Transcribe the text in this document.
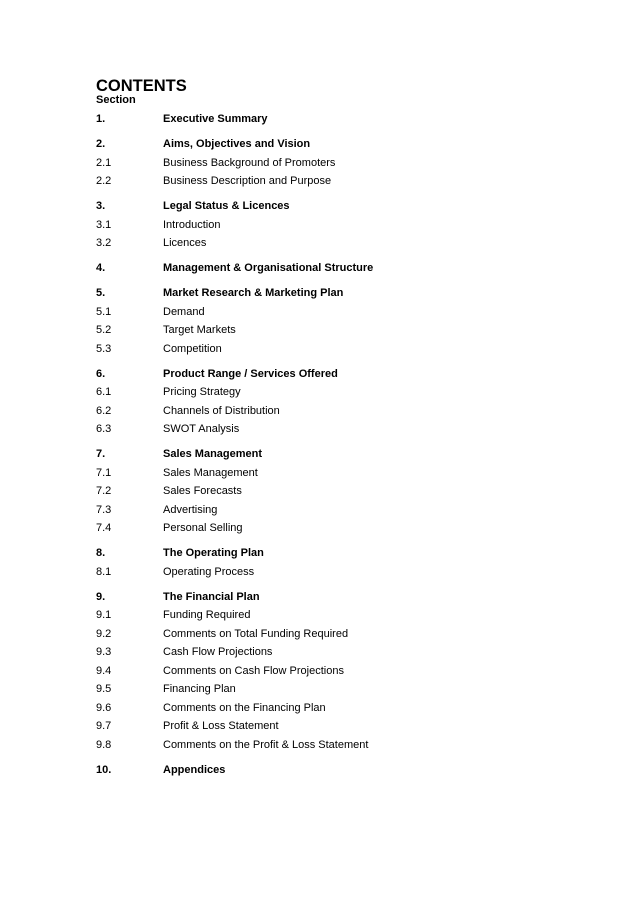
CONTENTS
Section
1.	Executive Summary
2.	Aims, Objectives and Vision
2.1	Business Background of Promoters
2.2	Business Description and Purpose
3.	Legal Status & Licences
3.1	Introduction
3.2	Licences
4.	Management & Organisational Structure
5.	Market Research & Marketing Plan
5.1	Demand
5.2	Target Markets
5.3	Competition
6.	Product Range / Services Offered
6.1	Pricing Strategy
6.2	Channels of Distribution
6.3	SWOT Analysis
7.	Sales Management
7.1	Sales Management
7.2	Sales Forecasts
7.3	Advertising
7.4	Personal Selling
8.	The Operating Plan
8.1	Operating Process
9.	The Financial Plan
9.1	Funding Required
9.2	Comments on Total Funding Required
9.3	Cash Flow Projections
9.4	Comments on Cash Flow Projections
9.5	Financing Plan
9.6	Comments on the Financing Plan
9.7	Profit & Loss Statement
9.8	Comments on the Profit & Loss Statement
10.	Appendices
